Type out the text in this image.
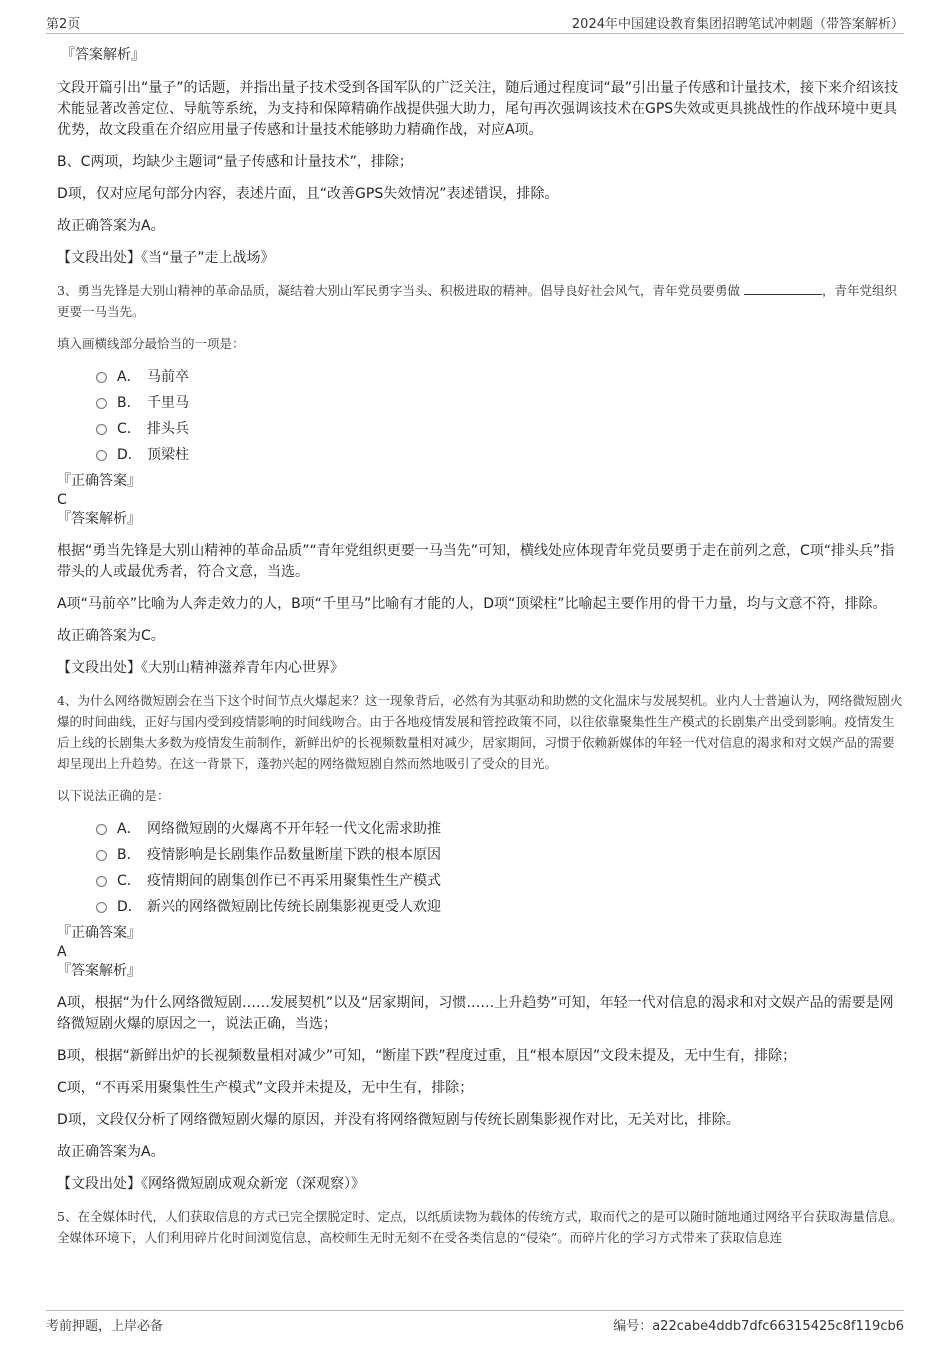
第2页	2024年中国建设教育集团招聘笔试冲刺题（带答案解析）
『答案解析』

文段开篇引出“量子”的话题，并指出量子技术受到各国军队的广泛关注，随后通过程度词“最”引出量子传感和计量技术，接下来介绍该技术能显著改善定位、导航等系统，为支持和保障精确作战提供强大助力，尾句再次强调该技术在GPS失效或更具挑战性的作战环境中更具优势，故文段重在介绍应用量子传感和计量技术能够助力精确作战，对应A项。

B、C两项，均缺少主题词“量子传感和计量技术”，排除；

D项，仅对应尾句部分内容，表述片面，且“改善GPS失效情况”表述错误，排除。

故正确答案为A。

【文段出处】《当“量子”走上战场》

3、勇当先锋是大别山精神的革命品质，凝结着大别山军民勇字当头、积极进取的精神。倡导良好社会风气，青年党员要勇做	，青年党组织更要一马当先。

填入画横线部分最恰当的一项是：

A． 马前卒
B． 千里马
C． 排头兵
D． 顶梁柱
『正确答案』
C
『答案解析』

根据“勇当先锋是大别山精神的革命品质”“青年党组织更要一马当先”可知，横线处应体现青年党员要勇于走在前列之意，C项“排头兵”指带头的人或最优秀者，符合文意，当选。

A项“马前卒”比喻为人奔走效力的人，B项“千里马”比喻有才能的人，D项“顶梁柱”比喻起主要作用的骨干力量，均与文意不符，排除。

故正确答案为C。

【文段出处】《大别山精神滋养青年内心世界》

4、为什么网络微短剧会在当下这个时间节点火爆起来？这一现象背后，必然有为其驱动和助燃的文化温床与发展契机。业内人士普遍认为，网络微短剧火爆的时间曲线，正好与国内受到疫情影响的时间线吻合。由于各地疫情发展和管控政策不同，以往依靠聚集性生产模式的长剧集产出受到影响。疫情发生后上线的长剧集大多数为疫情发生前制作，新鲜出炉的长视频数量相对减少，居家期间，习惯于依赖新媒体的年轻一代对信息的渴求和对文娱产品的需要却呈现出上升趋势。在这一背景下，蓬勃兴起的网络微短剧自然而然地吸引了受众的目光。

以下说法正确的是：

A． 网络微短剧的火爆离不开年轻一代文化需求助推
B． 疫情影响是长剧集作品数量断崖下跌的根本原因
C． 疫情期间的剧集创作已不再采用聚集性生产模式
D． 新兴的网络微短剧比传统长剧集影视更受人欢迎
『正确答案』
A
『答案解析』

A项，根据“为什么网络微短剧……发展契机”以及“居家期间，习惯……上升趋势”可知，年轻一代对信息的渴求和对文娱产品的需要是网络微短剧火爆的原因之一，说法正确，当选；

B项，根据“新鲜出炉的长视频数量相对减少”可知，“断崖下跌”程度过重，且“根本原因”文段未提及，无中生有，排除；

C项，“不再采用聚集性生产模式”文段并未提及，无中生有，排除；

D项，文段仅分析了网络微短剧火爆的原因，并没有将网络微短剧与传统长剧集影视作对比，无关对比，排除。

故正确答案为A。

【文段出处】《网络微短剧成观众新宠（深观察）》

5、在全媒体时代，人们获取信息的方式已完全摆脱定时、定点，以纸质读物为载体的传统方式，取而代之的是可以随时随地通过网络平台获取海量信息。全媒体环境下，人们利用碎片化时间浏览信息，高校师生无时无刻不在受各类信息的“侵染”。而碎片化的学习方式带来了获取信息连

考前押题，上岸必备	编号：a22cabe4ddb7dfc66315425c8f119cb6
